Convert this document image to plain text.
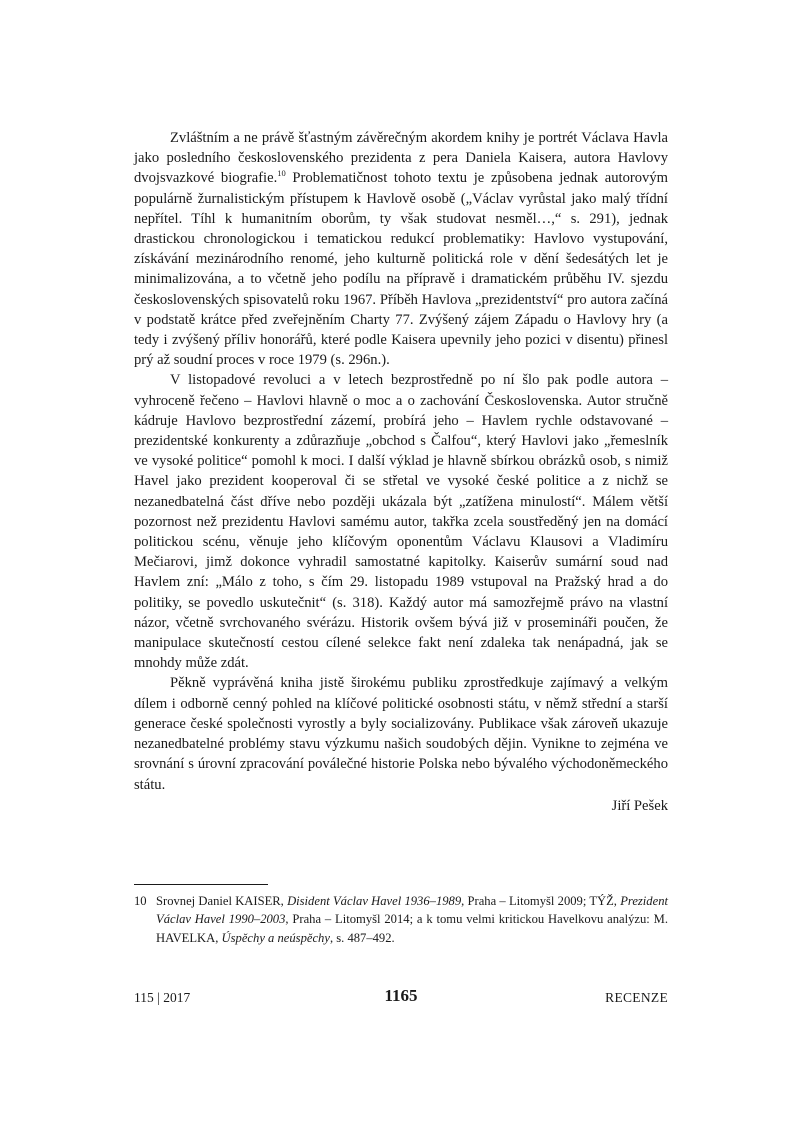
Zvláštním a ne právě šťastným závěrečným akordem knihy je portrét Václava Havla jako posledního československého prezidenta z pera Daniela Kaisera, autora Havlovy dvojsvazkové biografie.$^{10}$ Problematičnost tohoto textu je způsobena jednak autorovým populárně žurnalistickým přístupem k Havlově osobě („Václav vyrůstal jako malý třídní nepřítel. Tíhl k humanitním oborům, ty však studovat nesměl…,“ s. 291), jednak drastickou chronologickou i tematickou redukcí problematiky: Havlovo vystupování, získávání mezinárodního renomé, jeho kulturně politická role v dění šedesátých let je minimalizována, a to včetně jeho podílu na přípravě i dramatickém průběhu IV. sjezdu československých spisovatelů roku 1967. Příběh Havlova „prezidentství“ pro autora začíná v podstatě krátce před zveřejněním Charty 77. Zvýšený zájem Západu o Havlovy hry (a tedy i zvýšený příliv honorářů, které podle Kaisera upevnily jeho pozici v disentu) přinesl prý až soudní proces v roce 1979 (s. 296n.).

V listopadové revoluci a v letech bezprostředně po ní šlo pak podle autora – vyhroceně řečeno – Havlovi hlavně o moc a o zachování Československa. Autor stručně kádruje Havlovo bezprostřední zázemí, probírá jeho – Havlem rychle odstavované – prezidentské konkurenty a zdůrazňuje „obchod s Čalfou“, který Havlovi jako „řemeslník ve vysoké politice“ pomohl k moci. I další výklad je hlavně sbírkou obrázků osob, s nimiž Havel jako prezident kooperoval či se střetal ve vysoké české politice a z nichž se nezanedbatelná část dříve nebo později ukázala být „zatížena minulostí“. Málem větší pozornost než prezidentu Havlovi samému autor, takřka zcela soustředěný jen na domácí politickou scénu, věnuje jeho klíčovým oponentům Václavu Klausovi a Vladimíru Mečiarovi, jimž dokonce vyhradil samostatné kapitolky. Kaiserův sumární soud nad Havlem zní: „Málo z toho, s čím 29. listopadu 1989 vstupoval na Pražský hrad a do politiky, se povedlo uskutečnit“ (s. 318). Každý autor má samozřejmě právo na vlastní názor, včetně svrchovaného svérázu. Historik ovšem bývá již v prosemináři poučen, že manipulace skutečností cestou cílené selekce fakt není zdaleka tak nenápadná, jak se mnohdy může zdát.

Pěkně vyprávěná kniha jistě širokému publiku zprostředkuje zajímavý a velkým dílem i odborně cenný pohled na klíčové politické osobnosti státu, v němž střední a starší generace české společnosti vyrostly a byly socializovány. Publikace však zároveň ukazuje nezanedbatelné problémy stavu výzkumu našich soudobých dějin. Vynikne to zejména ve srovnání s úrovní zpracování poválečné historie Polska nebo bývalého východoněmeckého státu.

Jiří Pešek
10 Srovnej Daniel KAISER, Disident Václav Havel 1936–1989, Praha – Litomyšl 2009; TÝŽ, Prezident Václav Havel 1990–2003, Praha – Litomyšl 2014; a k tomu velmi kritickou Havelkovu analýzu: M. HAVELKA, Úspěchy a neúspěchy, s. 487–492.
115 | 2017	1165	RECENZE
